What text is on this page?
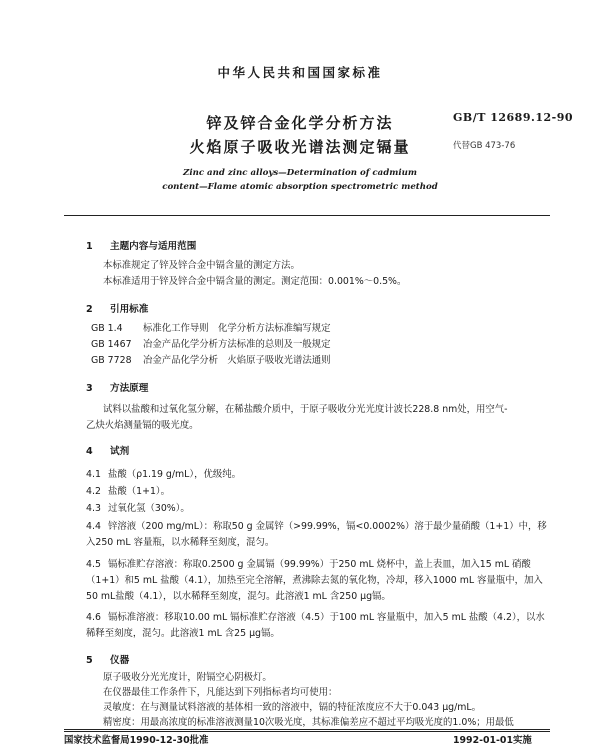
中华人民共和国国家标准
锌及锌合金化学分析方法
火焰原子吸收光谱法测定镉量
GB/T 12689.12-90
代替GB 473-76
Zinc and zinc alloys—Determination of cadmium
content—Flame atomic absorption spectrometric method
1 主题内容与适用范围
本标准规定了锌及锌合金中镉含量的测定方法。
本标准适用于锌及锌合金中镉含量的测定。测定范围：0.001%～0.5%。
2 引用标准
GB 1.4 标准化工作导则　化学分析方法标准编写规定
GB 1467 冶金产品化学分析方法标准的总则及一般规定
GB 7728 冶金产品化学分析　火焰原子吸收光谱法通则
3 方法原理
试料以盐酸和过氧化氢分解，在稀盐酸介质中，于原子吸收分光光度计波长228.8 nm处，用空气-
乙炔火焰测量镉的吸光度。
4 试剂
4.1 盐酸（ρ1.19 g/mL），优级纯。
4.2 盐酸（1+1）。
4.3 过氧化氢（30%）。
4.4 锌溶液（200 mg/mL）：称取50 g 金属锌（>99.99%，镉<0.0002%）溶于最少量硝酸（1+1）中，移
入250 mL 容量瓶，以水稀释至刻度，混匀。
4.5 镉标准贮存溶液：称取0.2500 g 金属镉（99.99%）于250 mL 烧杯中，盖上表皿，加入15 mL 硝酸
（1+1）和5 mL 盐酸（4.1），加热至完全溶解，煮沸除去氮的氧化物，冷却，移入1000 mL 容量瓶中，加入
50 mL盐酸（4.1），以水稀释至刻度，混匀。此溶液1 mL 含250 μg镉。
4.6 镉标准溶液：移取10.00 mL 镉标准贮存溶液（4.5）于100 mL 容量瓶中，加入5 mL 盐酸（4.2），以水
稀释至刻度，混匀。此溶液1 mL 含25 μg镉。
5 仪器
原子吸收分光光度计，附镉空心阴极灯。
在仪器最佳工作条件下，凡能达到下列指标者均可使用：
灵敏度：在与测量试料溶液的基体相一致的溶液中，镉的特征浓度应不大于0.043 μg/mL。
精密度：用最高浓度的标准溶液测量10次吸光度，其标准偏差应不超过平均吸光度的1.0%；用最低
国家技术监督局1990-12-30批准	1992-01-01实施
